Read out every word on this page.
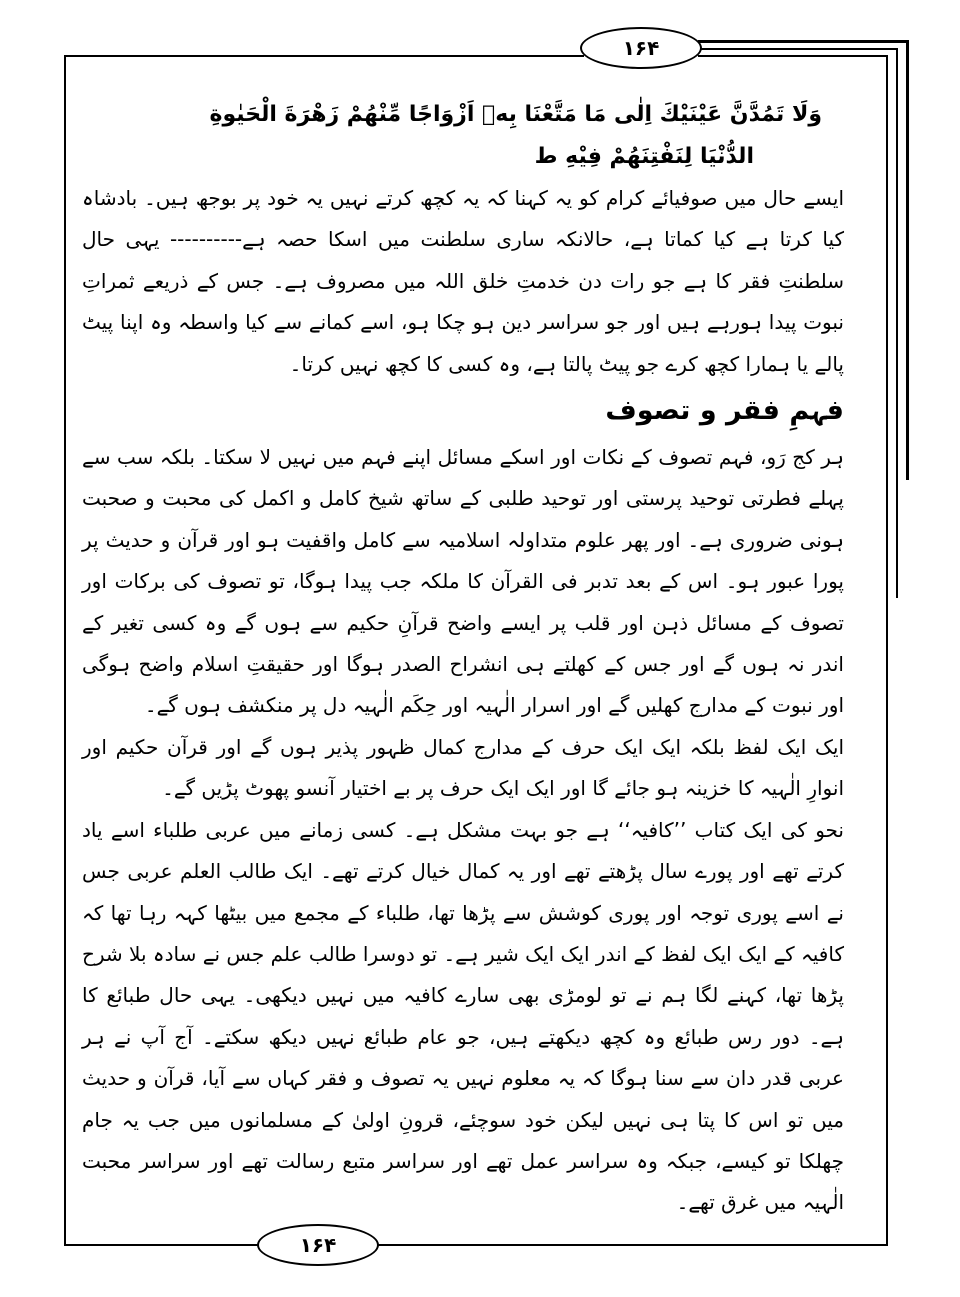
۱۶۴
۱۶۴

وَلَا تَمُدَّنَّ عَيْنَيْكَ اِلٰى مَا مَتَّعْنَا بِهٖ اَزْوَاجًا مِّنْهُمْ زَهْرَةَ الْحَيٰوةِ

الدُّنْيَا لِنَفْتِنَهُمْ فِيْهِ ط

ایسے حال میں صوفیائے کرام کو یہ کہنا کہ یہ کچھ کرتے نہیں یہ خود پر بوجھ ہیں۔ بادشاہ کیا کرتا ہے کیا کماتا ہے، حالانکہ ساری سلطنت میں اسکا حصہ ہے---------- یہی حال سلطنتِ فقر کا ہے جو رات دن خدمتِ خلق اللہ میں مصروف ہے۔ جس کے ذریعے ثمراتِ نبوت پیدا ہورہے ہیں اور جو سراسر دین ہو چکا ہو، اسے کمانے سے کیا واسطہ وہ اپنا پیٹ پالے یا ہمارا کچھ کرے جو پیٹ پالتا ہے، وہ کسی کا کچھ نہیں کرتا۔

فہمِ فقر و تصوف

ہر کج رَو، فہم تصوف کے نکات اور اسکے مسائل اپنے فہم میں نہیں لا سکتا۔ بلکہ سب سے پہلے فطرتی توحید پرستی اور توحید طلبی کے ساتھ شیخ کامل و اکمل کی محبت و صحبت ہونی ضروری ہے۔ اور پھر علوم متداولہ اسلامیہ سے کامل واقفیت ہو اور قرآن و حدیث پر پورا عبور ہو۔ اس کے بعد تدبر فی القرآن کا ملکہ جب پیدا ہوگا، تو تصوف کی برکات اور تصوف کے مسائل ذہن اور قلب پر ایسے واضح قرآنِ حکیم سے ہوں گے وہ کسی تغیر کے اندر نہ ہوں گے اور جس کے کھلتے ہی انشراح الصدر ہوگا اور حقیقتِ اسلام واضح ہوگی اور نبوت کے مدارج کھلیں گے اور اسرار الٰہیہ اور حِکَم الٰہیہ دل پر منکشف ہوں گے۔

ایک ایک لفظ بلکہ ایک ایک حرف کے مدارج کمال ظہور پذیر ہوں گے اور قرآن حکیم اور انوارِ الٰہیہ کا خزینہ ہو جائے گا اور ایک ایک حرف پر بے اختیار آنسو پھوٹ پڑیں گے۔

نحو کی ایک کتاب ’’کافیہ‘‘ ہے جو بہت مشکل ہے۔ کسی زمانے میں عربی طلباء اسے یاد کرتے تھے اور پورے سال پڑھتے تھے اور یہ کمال خیال کرتے تھے۔ ایک طالب العلم عربی جس نے اسے پوری توجہ اور پوری کوشش سے پڑھا تھا، طلباء کے مجمع میں بیٹھا کہہ رہا تھا کہ کافیہ کے ایک ایک لفظ کے اندر ایک ایک شیر ہے۔ تو دوسرا طالب علم جس نے سادہ بلا شرح پڑھا تھا، کہنے لگا ہم نے تو لومڑی بھی سارے کافیہ میں نہیں دیکھی۔ یہی حال طبائع کا ہے۔ دور رس طبائع وہ کچھ دیکھتے ہیں، جو عام طبائع نہیں دیکھ سکتے۔ آج آپ نے ہر عربی قدر دان سے سنا ہوگا کہ یہ معلوم نہیں یہ تصوف و فقر کہاں سے آیا، قرآن و حدیث میں تو اس کا پتا ہی نہیں لیکن خود سوچئے، قرونِ اولیٰ کے مسلمانوں میں جب یہ جام چھلکا تو کیسے، جبکہ وہ سراسر عمل تھے اور سراسر متبع رسالت تھے اور سراسر محبت الٰہیہ میں غرق تھے۔
